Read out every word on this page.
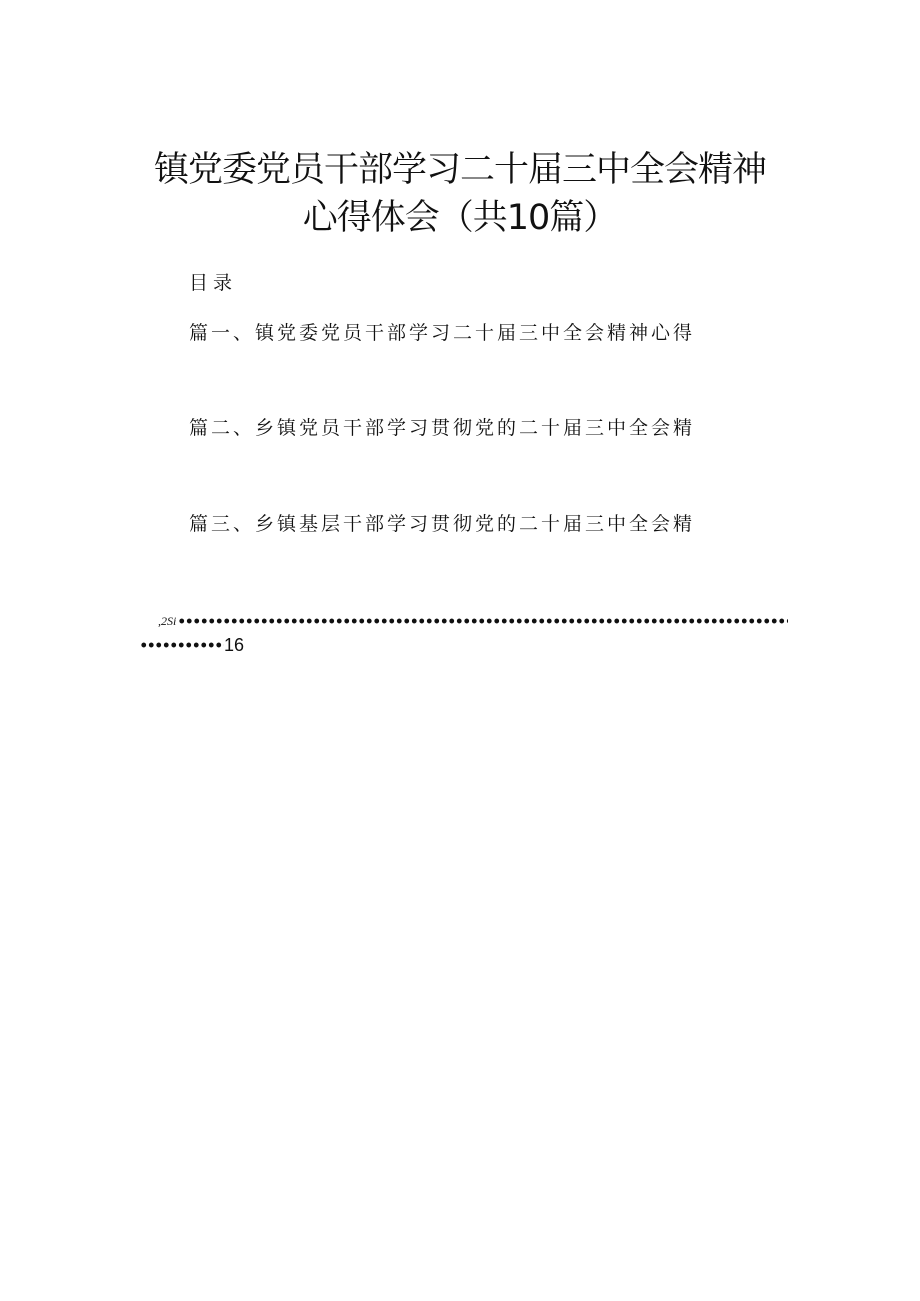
镇党委党员干部学习二十届三中全会精神
心得体会（共10篇）
目录
篇一、镇党委党员干部学习二十届三中全会精神心得
篇二、乡镇党员干部学习贯彻党的二十届三中全会精
篇三、乡镇基层干部学习贯彻党的二十届三中全会精
,2Si
16
